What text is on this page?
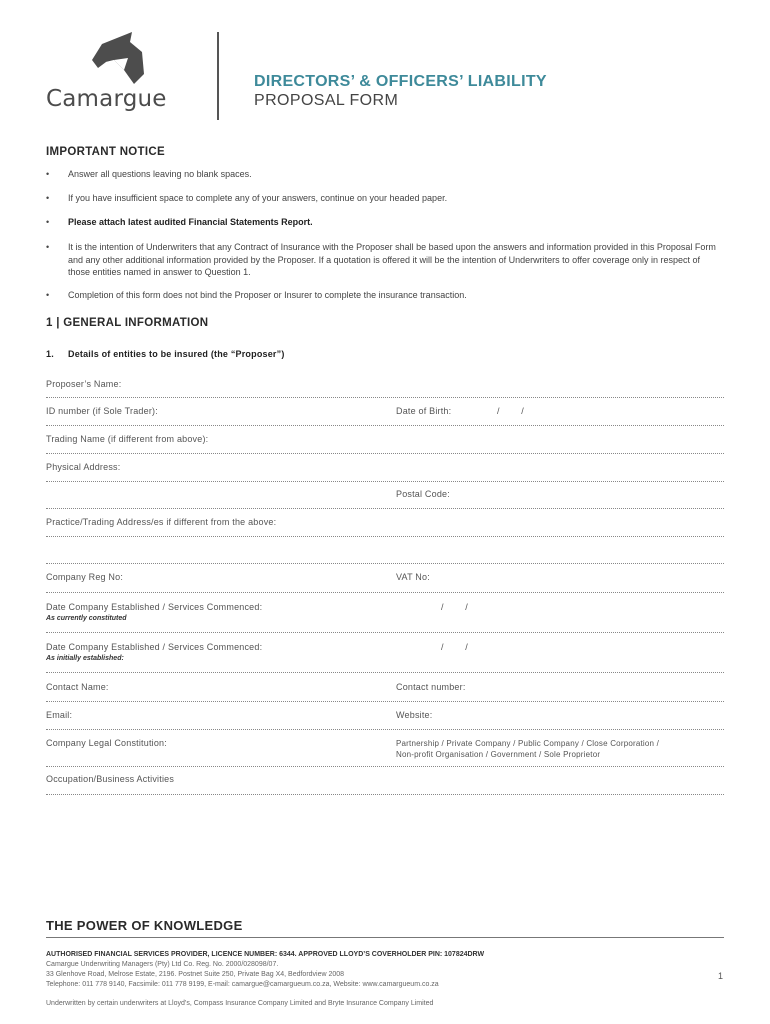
Camargue
DIRECTORS’ & OFFICERS’ LIABILITY
PROPOSAL FORM
IMPORTANT NOTICE
• Answer all questions leaving no blank spaces.
• If you have insufficient space to complete any of your answers, continue on your headed paper.
• Please attach latest audited Financial Statements Report.
• It is the intention of Underwriters that any Contract of Insurance with the Proposer shall be based upon the answers and information provided in this Proposal Form and any other additional information provided by the Proposer. If a quotation is offered it will be the intention of Underwriters to offer coverage only in respect of those entities named in answer to Question 1.
• Completion of this form does not bind the Proposer or Insurer to complete the insurance transaction.
1 | GENERAL INFORMATION
1. Details of entities to be insured (the “Proposer”)
Proposer’s Name:
ID number (if Sole Trader):	Date of Birth:	/        /
Trading Name (if different from above):
Physical Address:
Postal Code:
Practice/Trading Address/es if different from the above:
Company Reg No:	VAT No:
Date Company Established / Services Commenced:	/        /
As currently constituted
Date Company Established / Services Commenced:	/        /
As initially established:
Contact Name:	Contact number:
Email:	Website:
Company Legal Constitution:	Partnership / Private Company / Public Company / Close Corporation /
Non-profit Organisation / Government / Sole Proprietor
Occupation/Business Activities
THE POWER OF KNOWLEDGE
AUTHORISED FINANCIAL SERVICES PROVIDER, LICENCE NUMBER: 6344. APPROVED LLOYD’S COVERHOLDER PIN: 107824DRW
Camargue Underwriting Managers (Pty) Ltd Co. Reg. No. 2000/028098/07.
33 Glenhove Road, Melrose Estate, 2196. Postnet Suite 250, Private Bag X4, Bedfordview 2008
Telephone: 011 778 9140, Facsimile: 011 778 9199, E-mail: camargue@camargueum.co.za, Website: www.camargueum.co.za
1
Underwritten by certain underwriters at Lloyd’s, Compass Insurance Company Limited and Bryte Insurance Company Limited
